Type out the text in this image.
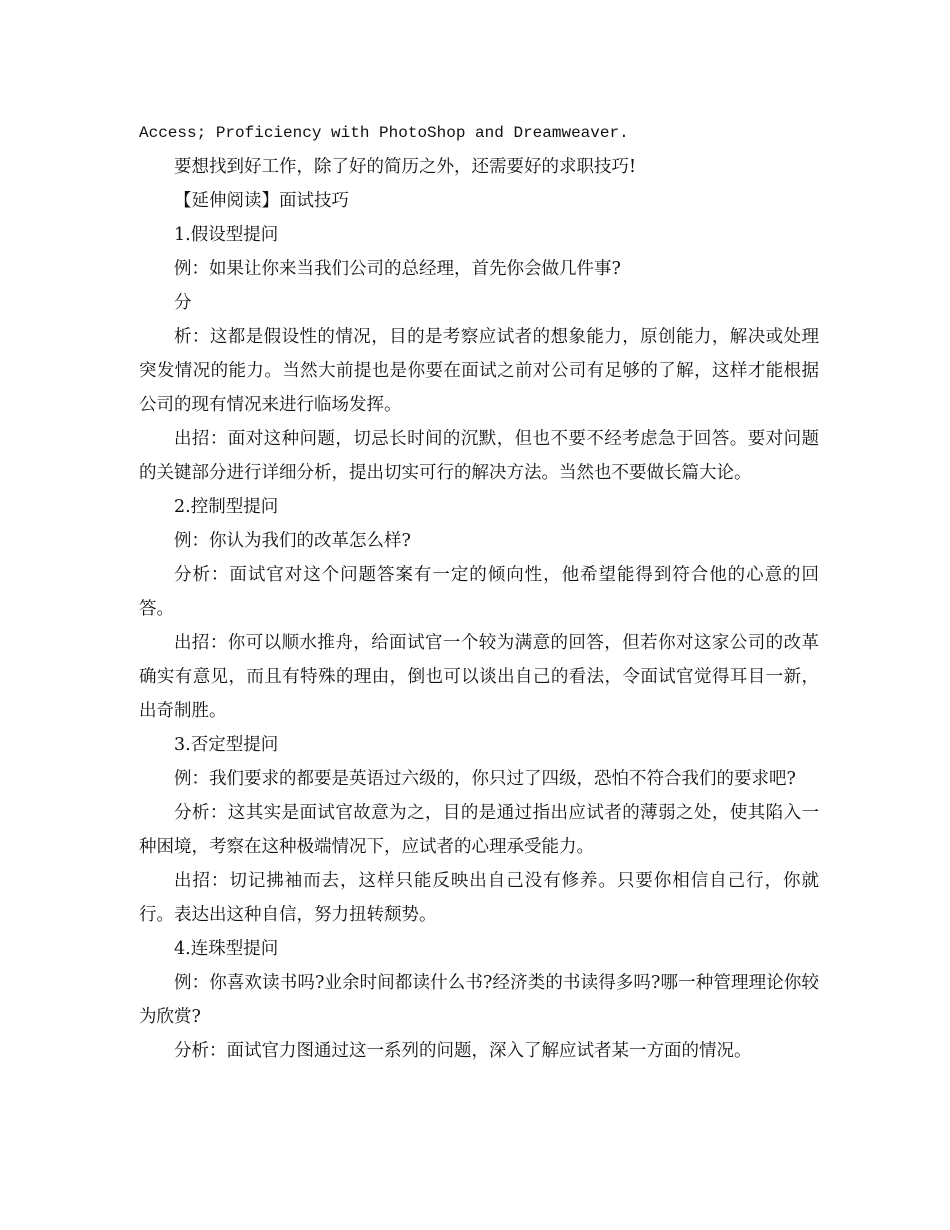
Access; Proficiency with PhotoShop and Dreamweaver.

要想找到好工作，除了好的简历之外，还需要好的求职技巧!

【延伸阅读】面试技巧

1.假设型提问

例：如果让你来当我们公司的总经理，首先你会做几件事?

分

析：这都是假设性的情况，目的是考察应试者的想象能力，原创能力，解决或处理突发情况的能力。当然大前提也是你要在面试之前对公司有足够的了解，这样才能根据公司的现有情况来进行临场发挥。

出招：面对这种问题，切忌长时间的沉默，但也不要不经考虑急于回答。要对问题的关键部分进行详细分析，提出切实可行的解决方法。当然也不要做长篇大论。

2.控制型提问

例：你认为我们的改革怎么样?

分析：面试官对这个问题答案有一定的倾向性，他希望能得到符合他的心意的回答。

出招：你可以顺水推舟，给面试官一个较为满意的回答，但若你对这家公司的改革确实有意见，而且有特殊的理由，倒也可以谈出自己的看法，令面试官觉得耳目一新，出奇制胜。

3.否定型提问

例：我们要求的都要是英语过六级的，你只过了四级，恐怕不符合我们的要求吧?

分析：这其实是面试官故意为之，目的是通过指出应试者的薄弱之处，使其陷入一种困境，考察在这种极端情况下，应试者的心理承受能力。

出招：切记拂袖而去，这样只能反映出自己没有修养。只要你相信自己行，你就行。表达出这种自信，努力扭转颓势。

4.连珠型提问

例：你喜欢读书吗?业余时间都读什么书?经济类的书读得多吗?哪一种管理理论你较为欣赏?

分析：面试官力图通过这一系列的问题，深入了解应试者某一方面的情况。
